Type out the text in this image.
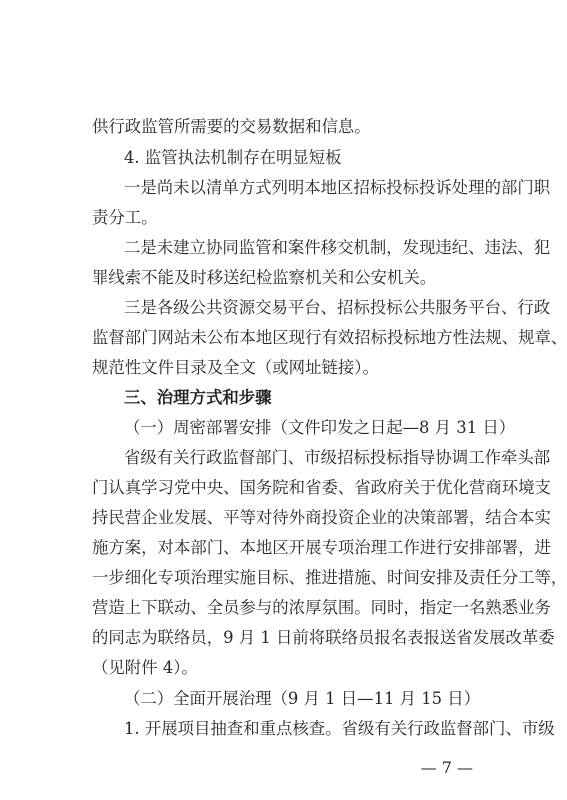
供行政监管所需要的交易数据和信息。
4. 监管执法机制存在明显短板
一是尚未以清单方式列明本地区招标投标投诉处理的部门职
责分工。
二是未建立协同监管和案件移交机制，发现违纪、违法、犯
罪线索不能及时移送纪检监察机关和公安机关。
三是各级公共资源交易平台、招标投标公共服务平台、行政
监督部门网站未公布本地区现行有效招标投标地方性法规、规章、
规范性文件目录及全文（或网址链接）。
三、治理方式和步骤
（一）周密部署安排（文件印发之日起—8 月 31 日）
省级有关行政监督部门、市级招标投标指导协调工作牵头部
门认真学习党中央、国务院和省委、省政府关于优化营商环境支
持民营企业发展、平等对待外商投资企业的决策部署，结合本实
施方案，对本部门、本地区开展专项治理工作进行安排部署，进
一步细化专项治理实施目标、推进措施、时间安排及责任分工等，
营造上下联动、全员参与的浓厚氛围。同时，指定一名熟悉业务
的同志为联络员，9 月 1 日前将联络员报名表报送省发展改革委
（见附件 4）。
（二）全面开展治理（9 月 1 日—11 月 15 日）
1. 开展项目抽查和重点核查。省级有关行政监督部门、市级
— 7 —
